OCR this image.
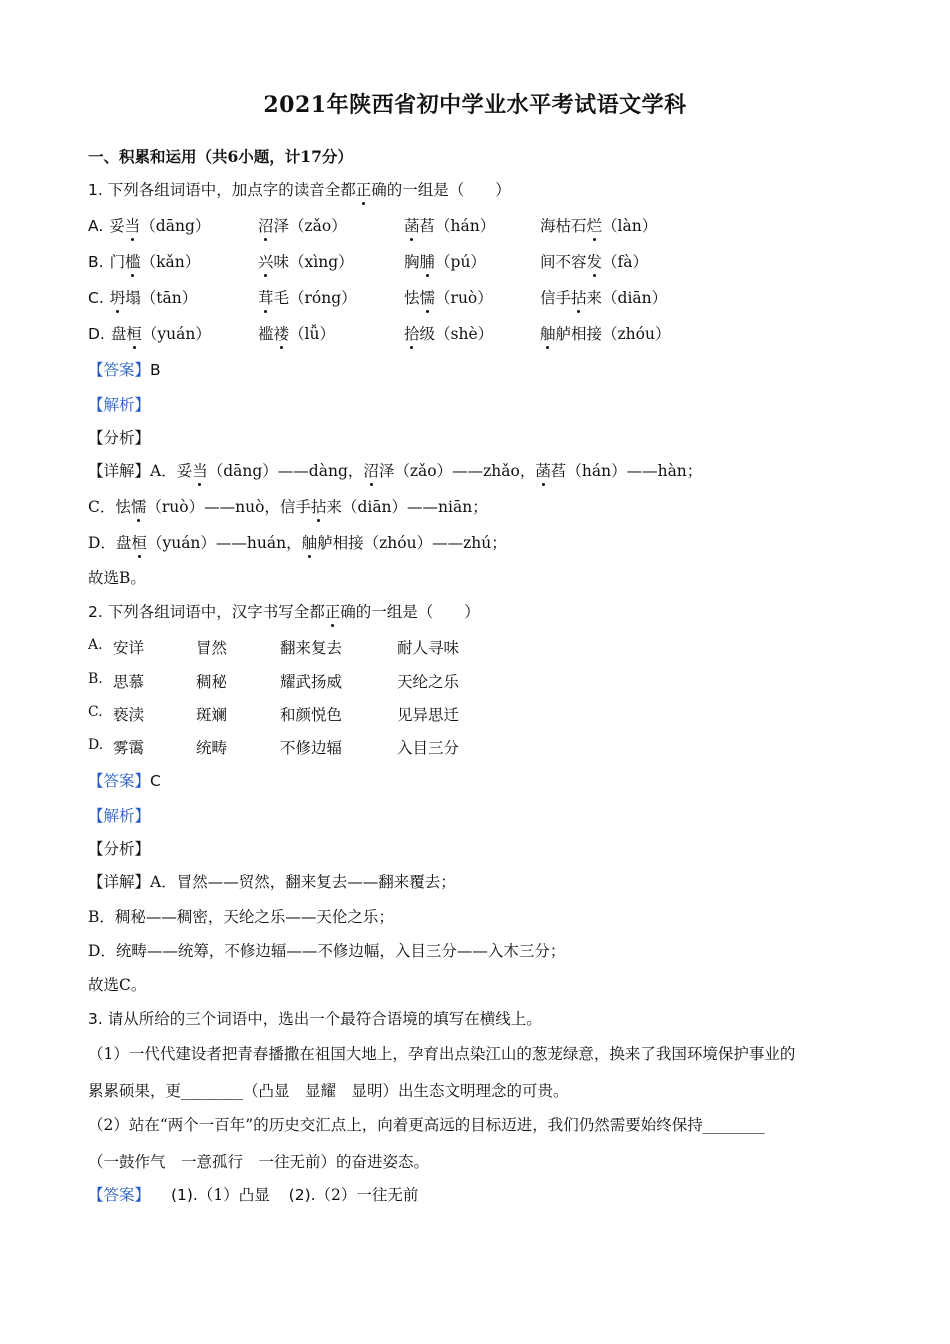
2021年陕西省初中学业水平考试语文学科
一、积累和运用（共6小题，计17分）
1. 下列各组词语中，加点字的读音全都正确的一组是（　　）
A. 妥当（dāng）	沼泽（zǎo）	菡萏（hán）	海枯石烂（làn）
B. 门槛（kǎn）	兴味（xìng）	胸脯（pú）	间不容发（fà）
C. 坍塌（tān）	茸毛（róng）	怯懦（ruò）	信手拈来（diān）
D. 盘桓（yuán）	褴褛（lǚ）	拾级（shè）	舳舻相接（zhóu）
【答案】B
【解析】
【分析】
【详解】A．妥当（dāng）——dàng，沼泽（zǎo）——zhǎo，菡萏（hán）——hàn；
C．怯懦（ruò）——nuò，信手拈来（diān）——niān；
D．盘桓（yuán）——huán，舳舻相接（zhóu）——zhú；
故选B。
2. 下列各组词语中，汉字书写全都正确的一组是（　　）
A. 安详	冒然	翻来复去	耐人寻味
B. 思慕	稠秘	耀武扬威	天纶之乐
C. 亵渎	斑斓	和颜悦色	见异思迁
D. 雾霭	统畴	不修边辐	入目三分
【答案】C
【解析】
【分析】
【详解】A．冒然——贸然，翻来复去——翻来覆去；
B．稠秘——稠密，天纶之乐——天伦之乐；
D．统畴——统筹，不修边辐——不修边幅，入目三分——入木三分；
故选C。
3. 请从所给的三个词语中，选出一个最符合语境的填写在横线上。
（1）一代代建设者把青春播撒在祖国大地上，孕育出点染江山的葱茏绿意，换来了我国环境保护事业的
累累硕果，更________（凸显　显耀　显明）出生态文明理念的可贵。
（2）站在“两个一百年”的历史交汇点上，向着更高远的目标迈进，我们仍然需要始终保持________
（一鼓作气　一意孤行　一往无前）的奋进姿态。
【答案】 (1).（1）凸显 (2).（2）一往无前
